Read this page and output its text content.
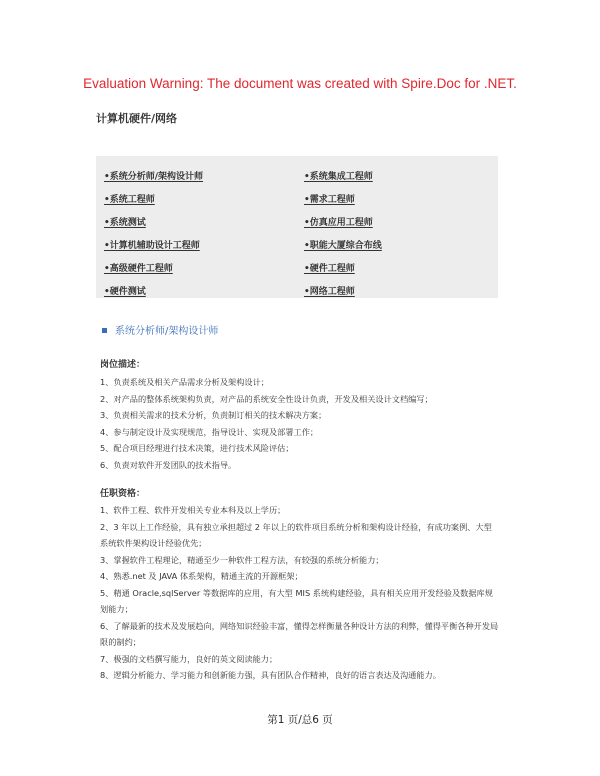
Evaluation Warning: The document was created with Spire.Doc for .NET.
计算机硬件/网络
•系统分析师/架构设计师
•系统工程师
•系统测试
•计算机辅助设计工程师
•高级硬件工程师
•硬件测试
•系统集成工程师
•需求工程师
•仿真应用工程师
•职能大厦综合布线
•硬件工程师
•网络工程师
系统分析师/架构设计师
岗位描述：
1、负责系统及相关产品需求分析及架构设计；
2、对产品的整体系统架构负责，对产品的系统安全性设计负责，开发及相关设计文档编写；
3、负责相关需求的技术分析，负责制订相关的技术解决方案；
4、参与制定设计及实现规范，指导设计、实现及部署工作；
5、配合项目经理进行技术决策，进行技术风险评估；
6、负责对软件开发团队的技术指导。
任职资格：
1、软件工程、软件开发相关专业本科及以上学历；
2、3 年以上工作经验，具有独立承担超过 2 年以上的软件项目系统分析和架构设计经验，有成功案例、大型系统软件架构设计经验优先；
3、掌握软件工程理论，精通至少一种软件工程方法，有较强的系统分析能力；
4、熟悉.net 及 JAVA 体系架构，精通主流的开源框架；
5、精通 Oracle,sqlServer 等数据库的应用，有大型 MIS 系统构建经验，具有相关应用开发经验及数据库规划能力；
6、了解最新的技术及发展趋向，网络知识经验丰富，懂得怎样衡量各种设计方法的利弊，懂得平衡各种开发局限的制约；
7、极强的文档撰写能力，良好的英文阅读能力；
8、逻辑分析能力、学习能力和创新能力强，具有团队合作精神，良好的语言表达及沟通能力。
第1 页/总6 页
